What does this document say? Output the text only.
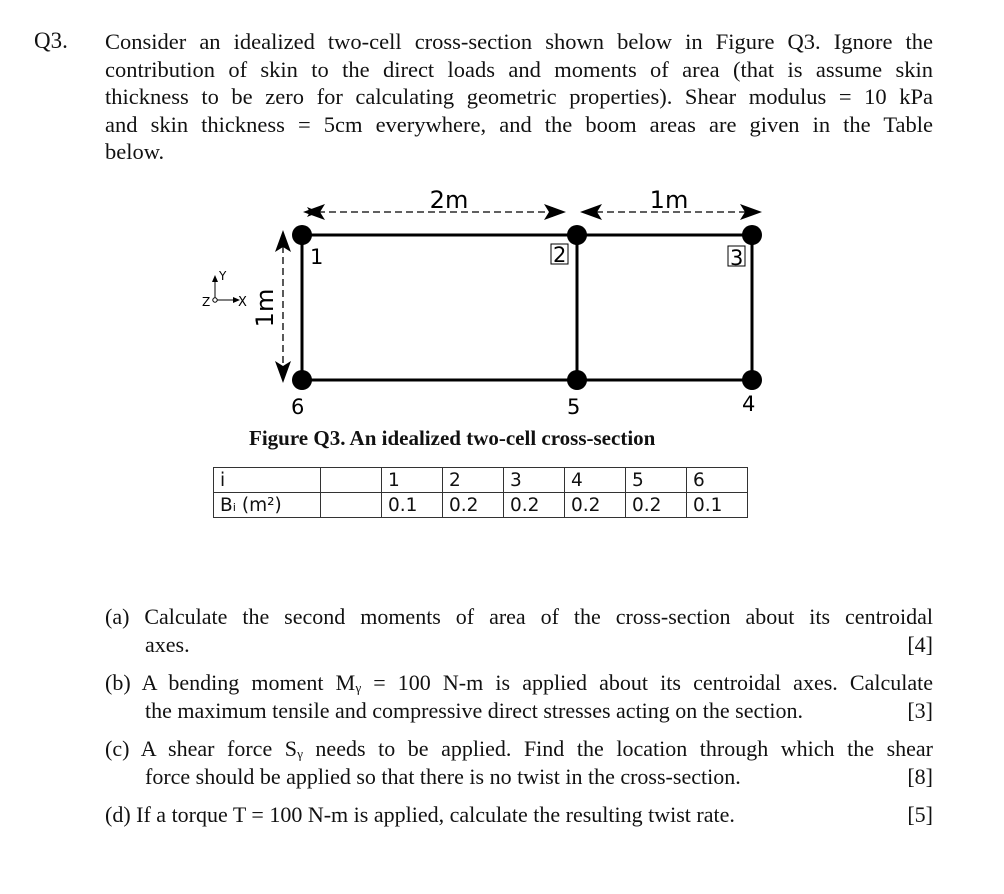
Q3. Consider an idealized two-cell cross-section shown below in Figure Q3. Ignore the
contribution of skin to the direct loads and moments of area (that is assume skin
thickness to be zero for calculating geometric properties). Shear modulus = 10 kPa
and skin thickness = 5cm everywhere, and the boom areas are given in the Table
below.
2m	1m
1m
1	2	3
4
5
6
Y
X
Z
Figure Q3. An idealized two-cell cross-section
i		1	2	3	4	5	6
Bᵢ (m²)		0.1	0.2	0.2	0.2	0.2	0.1
(a) Calculate the second moments of area of the cross-section about its centroidal
axes.	[4]
(b) A bending moment Mᵧ = 100 N-m is applied about its centroidal axes. Calculate
the maximum tensile and compressive direct stresses acting on the section.	[3]
(c) A shear force Sᵧ needs to be applied. Find the location through which the shear
force should be applied so that there is no twist in the cross-section.	[8]
(d) If a torque T = 100 N-m is applied, calculate the resulting twist rate.	[5]
